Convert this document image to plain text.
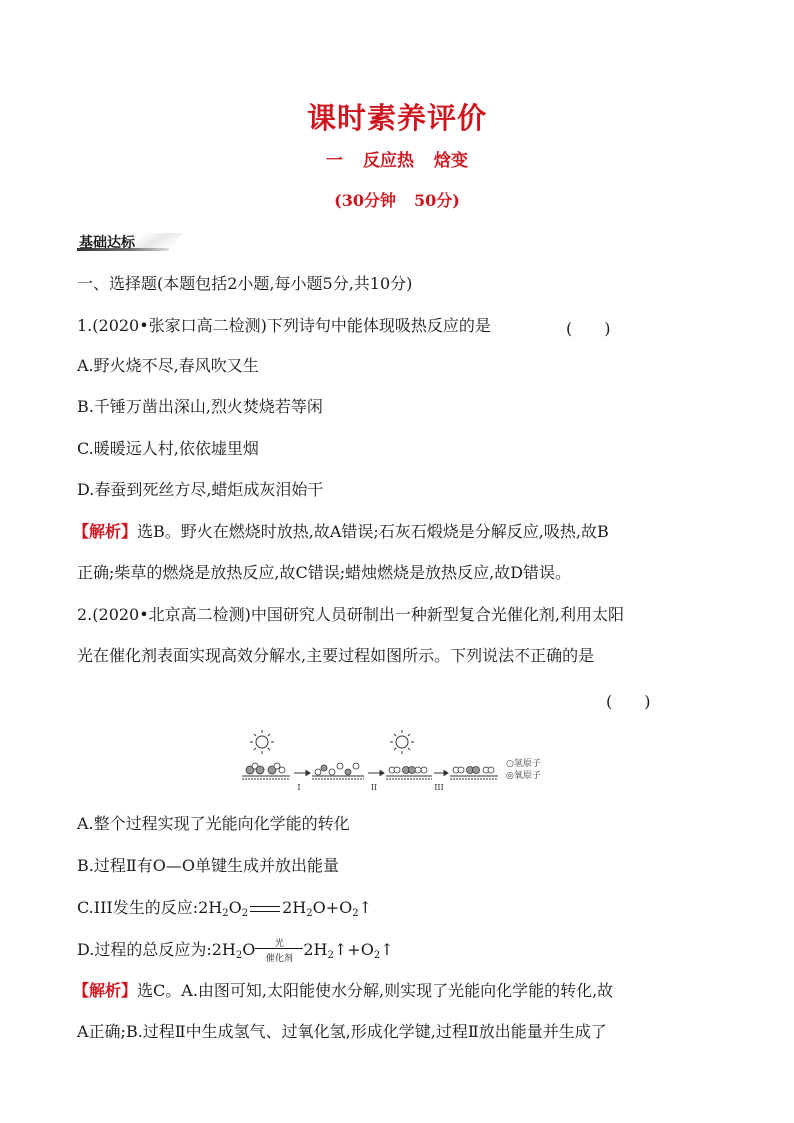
课时素养评价
一 反应热 焓变
(30分钟 50分)
基础达标
一、选择题(本题包括2小题,每小题5分,共10分)
1.(2020•张家口高二检测)下列诗句中能体现吸热反应的是	(　　)
A.野火烧不尽,春风吹又生
B.千锤万凿出深山,烈火焚烧若等闲
C.暖暖远人村,依依墟里烟
D.春蚕到死丝方尽,蜡炬成灰泪始干
【解析】选B。野火在燃烧时放热,故A错误;石灰石煅烧是分解反应,吸热,故B
正确;柴草的燃烧是放热反应,故C错误;蜡烛燃烧是放热反应,故D错误。
2.(2020•北京高二检测)中国研究人员研制出一种新型复合光催化剂,利用太阳
光在催化剂表面实现高效分解水,主要过程如图所示。下列说法不正确的是
(　　)
I	II	III
○氢原子
◎氧原子
A.整个过程实现了光能向化学能的转化
B.过程Ⅱ有O—O单键生成并放出能量
C.III发生的反应$:2H_2O_2$ $2H_2O+O_2↑$
D.过程的总反应为$:2H_2O$	光
催化剂 $2H_2↑+O_2↑$
【解析】选C。A.由图可知,太阳能使水分解,则实现了光能向化学能的转化,故
A正确;B.过程Ⅱ中生成氢气、过氧化氢,形成化学键,过程Ⅱ放出能量并生成了
